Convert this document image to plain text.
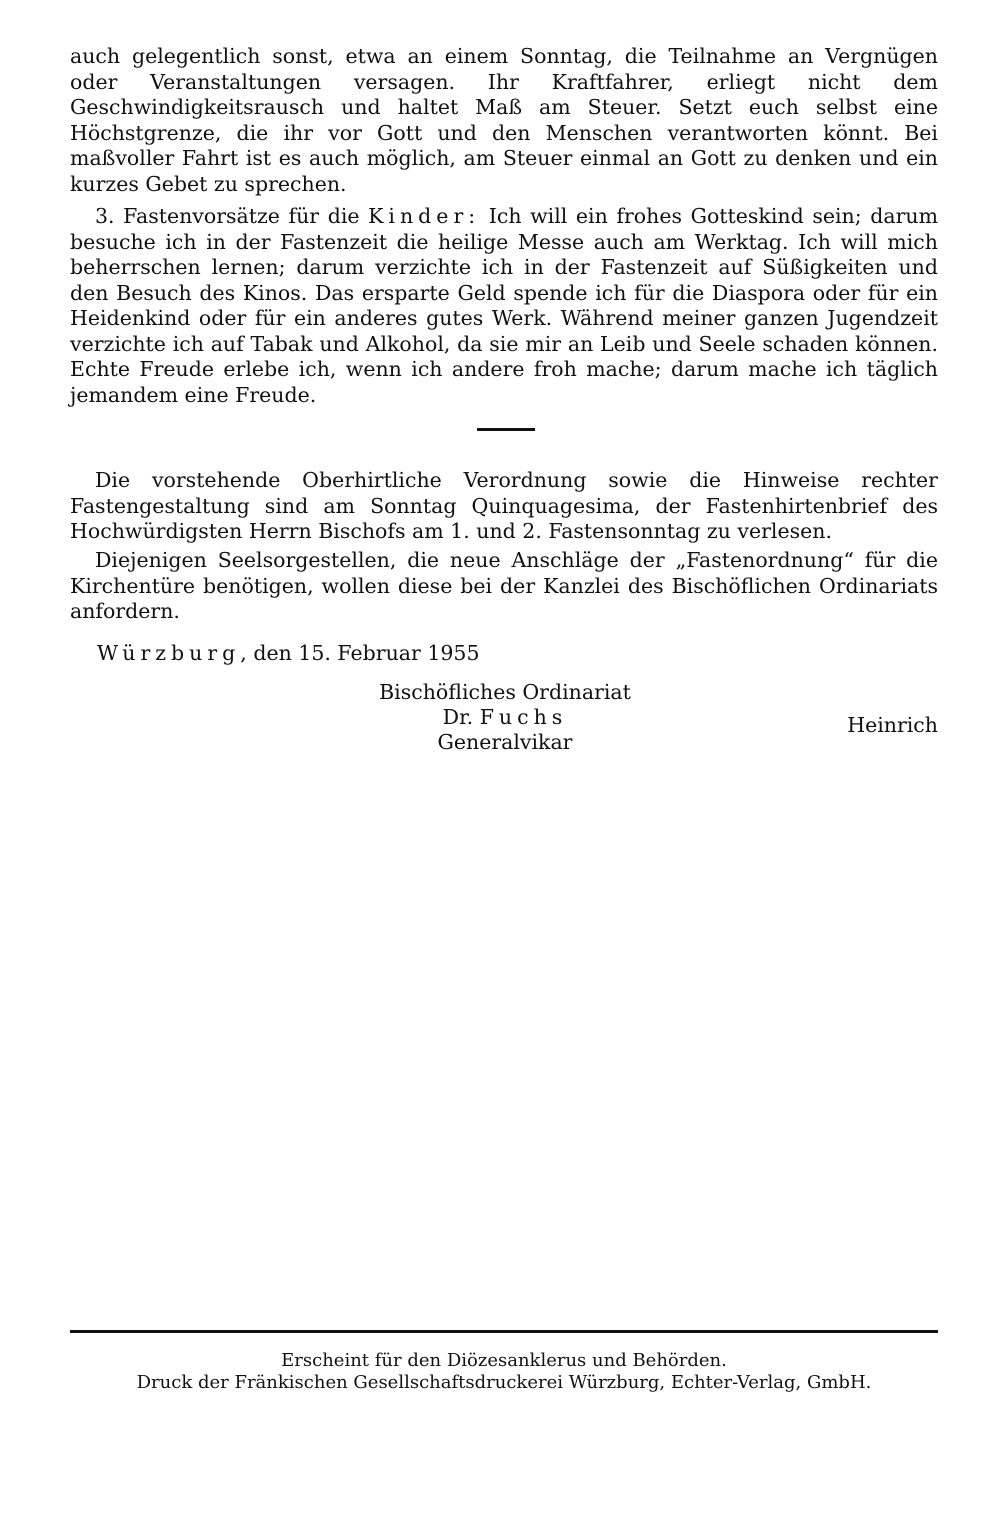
auch gelegentlich sonst, etwa an einem Sonntag, die Teilnahme an Vergnügen oder Veranstaltungen versagen. Ihr Kraftfahrer, erliegt nicht dem Geschwindigkeitsrausch und haltet Maß am Steuer. Setzt euch selbst eine Höchstgrenze, die ihr vor Gott und den Menschen verantworten könnt. Bei maßvoller Fahrt ist es auch möglich, am Steuer einmal an Gott zu denken und ein kurzes Gebet zu sprechen.

3. Fastenvorsätze für die Kinder: Ich will ein frohes Gotteskind sein; darum besuche ich in der Fastenzeit die heilige Messe auch am Werktag. Ich will mich beherrschen lernen; darum verzichte ich in der Fastenzeit auf Süßigkeiten und den Besuch des Kinos. Das ersparte Geld spende ich für die Diaspora oder für ein Heidenkind oder für ein anderes gutes Werk. Während meiner ganzen Jugendzeit verzichte ich auf Tabak und Alkohol, da sie mir an Leib und Seele schaden können. Echte Freude erlebe ich, wenn ich andere froh mache; darum mache ich täglich jemandem eine Freude.

Die vorstehende Oberhirtliche Verordnung sowie die Hinweise rechter Fastengestaltung sind am Sonntag Quinquagesima, der Fastenhirtenbrief des Hochwürdigsten Herrn Bischofs am 1. und 2. Fastensonntag zu verlesen.

Diejenigen Seelsorgestellen, die neue Anschläge der „Fastenordnung“ für die Kirchentüre benötigen, wollen diese bei der Kanzlei des Bischöflichen Ordinariats anfordern.

Würzburg, den 15. Februar 1955
Bischöfliches Ordinariat
Dr. Fuchs
Generalvikar
Heinrich
Erscheint für den Diözesanklerus und Behörden.
Druck der Fränkischen Gesellschaftsdruckerei Würzburg, Echter-Verlag, GmbH.
